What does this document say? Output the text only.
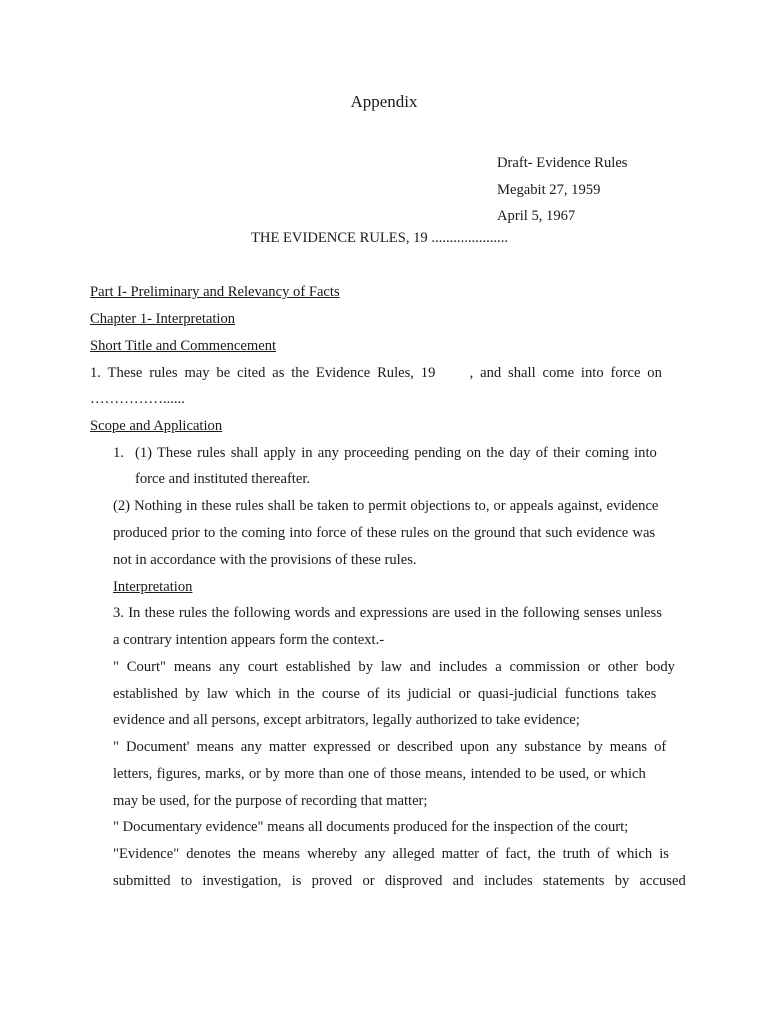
Appendix
Draft- Evidence Rules
Megabit 27, 1959
April 5, 1967
THE EVIDENCE RULES, 19 .....................
Part I- Preliminary and Relevancy of Facts
Chapter 1- Interpretation
Short Title and Commencement
1. These rules may be cited as the Evidence Rules, 19     , and shall come into force on
……………......
Scope and Application
1. (1) These rules shall apply in any proceeding pending on the day of their coming into
force and instituted thereafter.
(2) Nothing in these rules shall be taken to permit objections to, or appeals against, evidence
produced prior to the coming into force of these rules on the ground that such evidence was
not in accordance with the provisions of these rules.
Interpretation
3. In these rules the following words and expressions are used in the following senses unless
a contrary intention appears form the context.-
" Court" means any court established by law and includes a commission or other body
established by law which in the course of its judicial or quasi-judicial functions takes
evidence and all persons, except arbitrators, legally authorized to take evidence;
" Document' means any matter expressed or described upon any substance by means of
letters, figures, marks, or by more than one of those means, intended to be used, or which
may be used, for the purpose of recording that matter;
" Documentary evidence" means all documents produced for the inspection of the court;
"Evidence" denotes the means whereby any alleged matter of fact, the truth of which is
submitted to investigation, is proved or disproved and includes statements by accused
